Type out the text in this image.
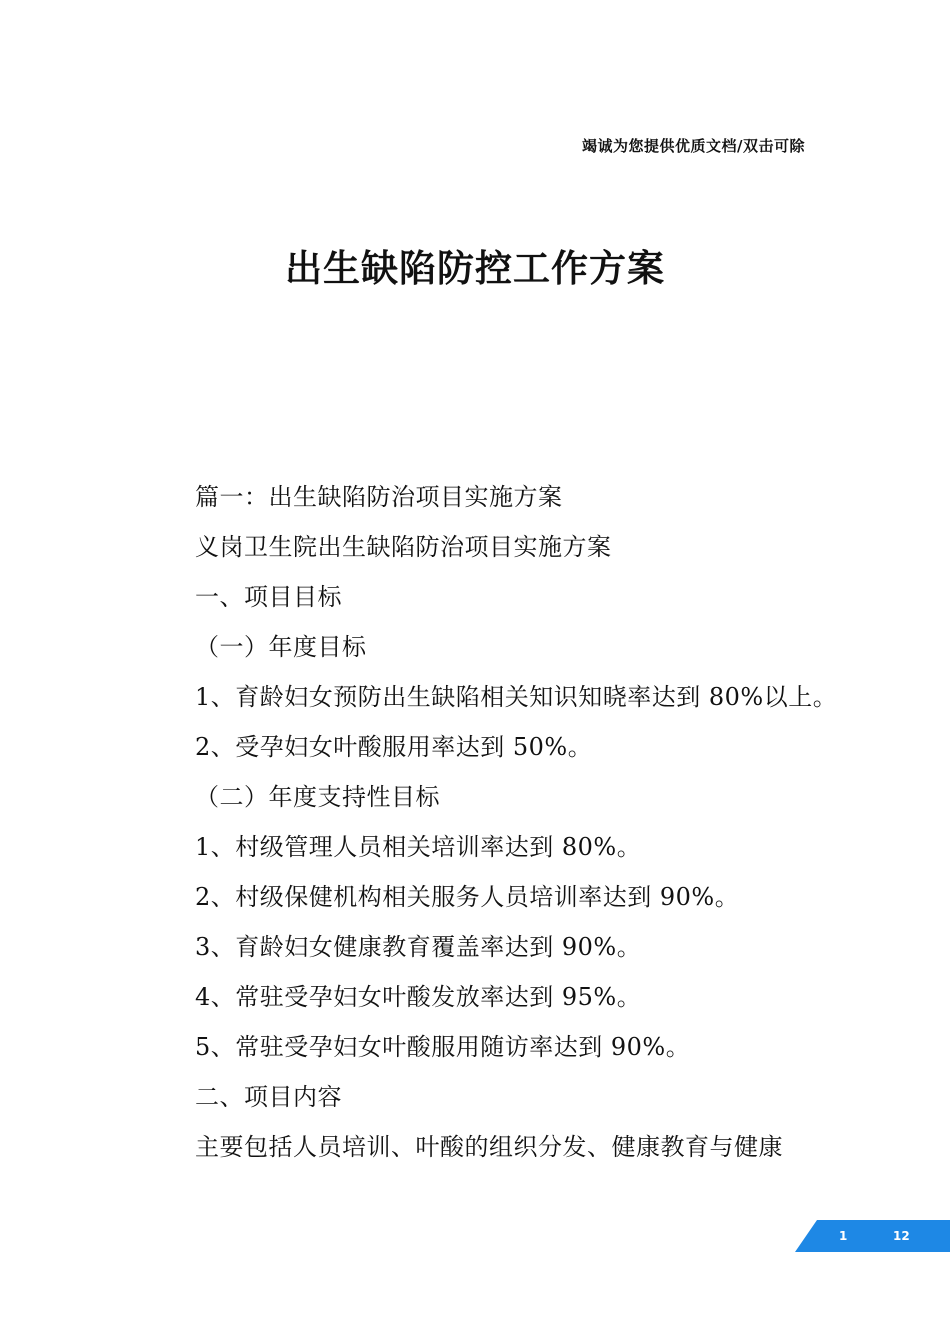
竭诚为您提供优质文档/双击可除
出生缺陷防控工作方案
篇一：出生缺陷防治项目实施方案
义岗卫生院出生缺陷防治项目实施方案
一、项目目标
（一）年度目标
1、育龄妇女预防出生缺陷相关知识知晓率达到 80%以上。
2、受孕妇女叶酸服用率达到 50%。
（二）年度支持性目标
1、村级管理人员相关培训率达到 80%。
2、村级保健机构相关服务人员培训率达到 90%。
3、育龄妇女健康教育覆盖率达到 90%。
4、常驻受孕妇女叶酸发放率达到 95%。
5、常驻受孕妇女叶酸服用随访率达到 90%。
二、项目内容
主要包括人员培训、叶酸的组织分发、健康教育与健康
1	12
